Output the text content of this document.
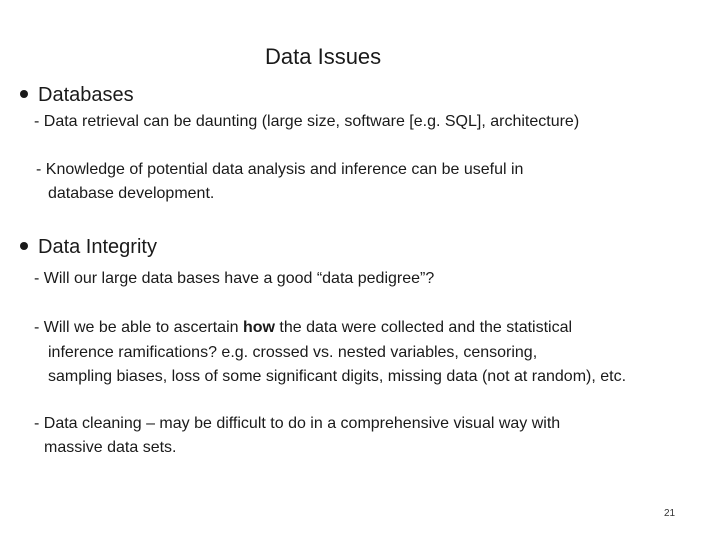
Data Issues
Databases
- Data retrieval can be daunting (large size, software [e.g. SQL], architecture)
- Knowledge of potential data analysis and inference can be useful in
database development.
Data Integrity
- Will our large data bases have a good “data pedigree”?
- Will we be able to ascertain how the data were collected and the statistical
inference ramifications? e.g. crossed vs. nested variables, censoring,
sampling biases, loss of some significant digits, missing data (not at random), etc.
- Data cleaning – may be difficult to do in a comprehensive visual way with
massive data sets.
21
